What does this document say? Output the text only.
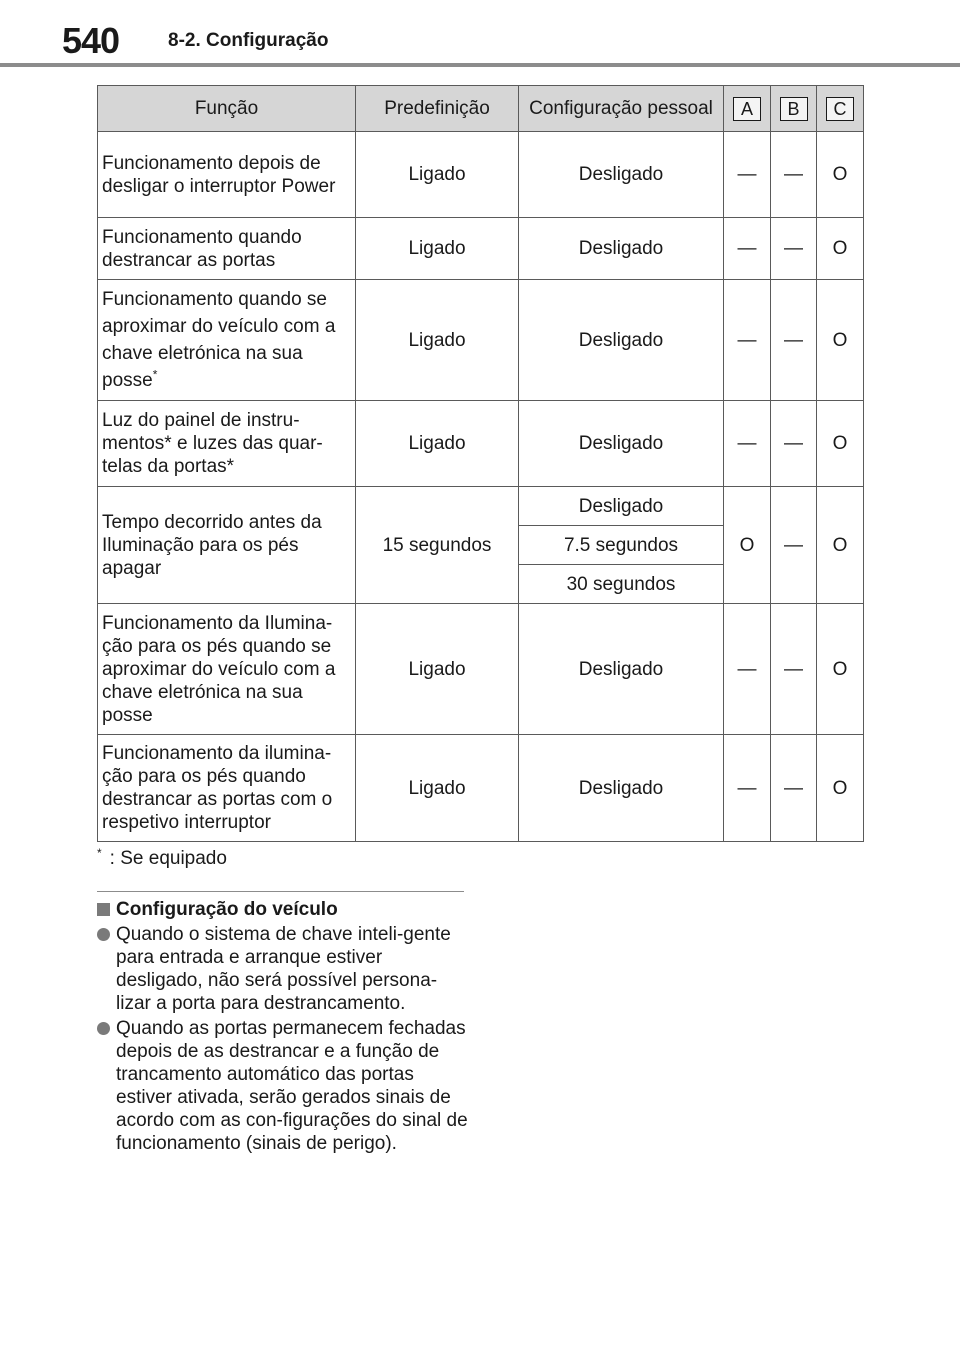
540	8-2. Configuração
Função	Predefinição	Configuração pessoal	A	B	C
Funcionamento depois de desligar o interruptor Power	Ligado	Desligado	—	—	O
Funcionamento quando destrancar as portas	Ligado	Desligado	—	—	O
Funcionamento quando se aproximar do veículo com a chave eletrónica na sua posse*	Ligado	Desligado	—	—	O
Luz do painel de instru-mentos* e luzes das quar-telas da portas*	Ligado	Desligado	—	—	O
Tempo decorrido antes da Iluminação para os pés apagar	15 segundos	Desligado	O	—	O
		7.5 segundos			
		30 segundos			
Funcionamento da Ilumina-ção para os pés quando se aproximar do veículo com a chave eletrónica na sua posse	Ligado	Desligado	—	—	O
Funcionamento da ilumina-ção para os pés quando destrancar as portas com o respetivo interruptor	Ligado	Desligado	—	—	O
* : Se equipado
Configuração do veículo
Quando o sistema de chave inteli-gente para entrada e arranque estiver desligado, não será possível persona-lizar a porta para destrancamento.
Quando as portas permanecem fechadas depois de as destrancar e a função de trancamento automático das portas estiver ativada, serão gerados sinais de acordo com as con-figurações do sinal de funcionamento (sinais de perigo).
